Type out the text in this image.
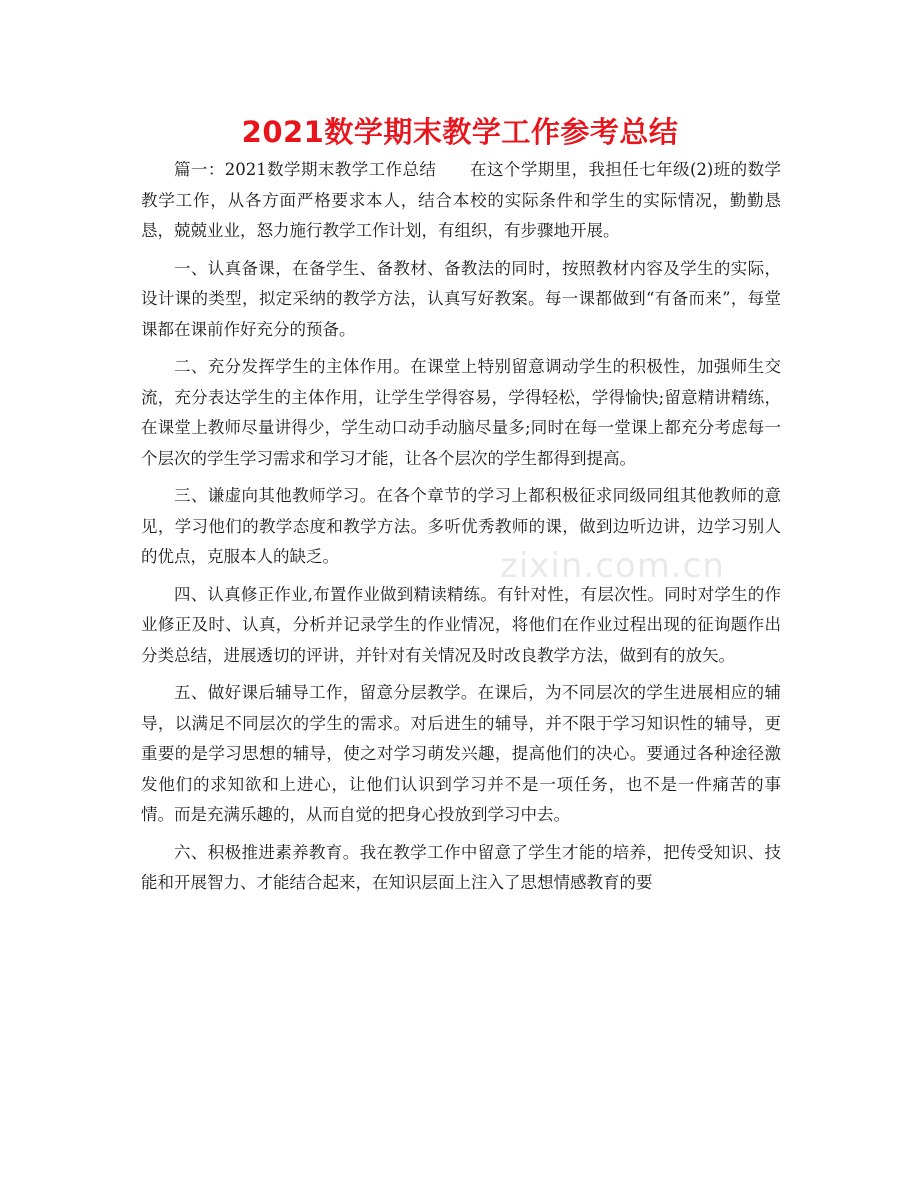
2021数学期末教学工作参考总结
zixin.com.cn

篇一：2021数学期末教学工作总结　　在这个学期里，我担任七年级(2)班的数学教学工作，从各方面严格要求本人，结合本校的实际条件和学生的实际情况，勤勤恳恳，兢兢业业，怒力施行教学工作计划，有组织，有步骤地开展。

一、认真备课，在备学生、备教材、备教法的同时，按照教材内容及学生的实际，设计课的类型，拟定采纳的教学方法，认真写好教案。每一课都做到“有备而来”，每堂课都在课前作好充分的预备。

二、充分发挥学生的主体作用。在课堂上特别留意调动学生的积极性，加强师生交流，充分表达学生的主体作用，让学生学得容易，学得轻松，学得愉快;留意精讲精练，在课堂上教师尽量讲得少，学生动口动手动脑尽量多;同时在每一堂课上都充分考虑每一个层次的学生学习需求和学习才能，让各个层次的学生都得到提高。

三、谦虚向其他教师学习。在各个章节的学习上都积极征求同级同组其他教师的意见，学习他们的教学态度和教学方法。多听优秀教师的课，做到边听边讲，边学习别人的优点，克服本人的缺乏。

四、认真修正作业,布置作业做到精读精练。有针对性，有层次性。同时对学生的作业修正及时、认真，分析并记录学生的作业情况，将他们在作业过程出现的征询题作出分类总结，进展透切的评讲，并针对有关情况及时改良教学方法，做到有的放矢。

五、做好课后辅导工作，留意分层教学。在课后，为不同层次的学生进展相应的辅导，以满足不同层次的学生的需求。对后进生的辅导，并不限于学习知识性的辅导，更重要的是学习思想的辅导，使之对学习萌发兴趣，提高他们的决心。要通过各种途径激发他们的求知欲和上进心，让他们认识到学习并不是一项任务，也不是一件痛苦的事情。而是充满乐趣的，从而自觉的把身心投放到学习中去。

六、积极推进素养教育。我在教学工作中留意了学生才能的培养，把传受知识、技能和开展智力、才能结合起来，在知识层面上注入了思想情感教育的要
